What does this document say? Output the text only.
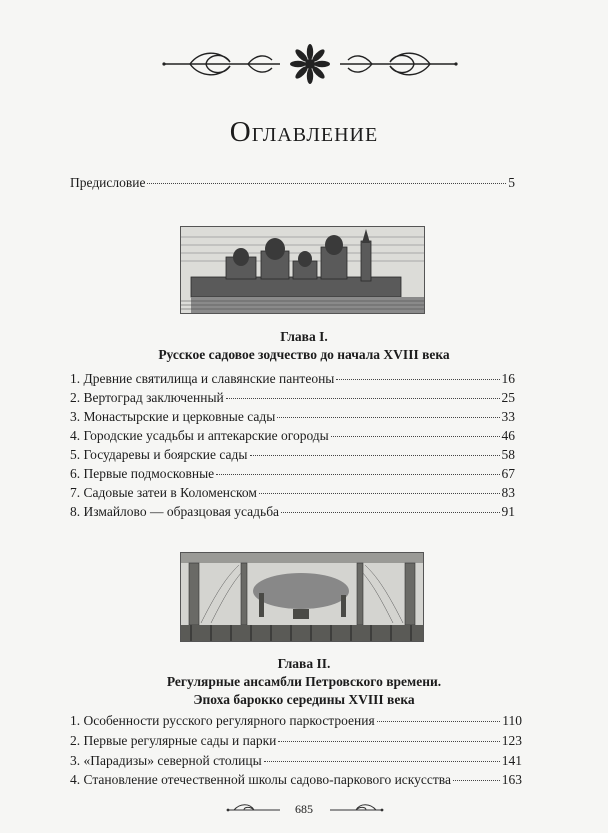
Оглавление
Предисловие	5
Глава I.
Русское садовое зодчество до начала XVIII века
1. Древние святилища и славянские пантеоны	16
2. Вертоград заключенный	25
3. Монастырские и церковные сады	33
4. Городские усадьбы и аптекарские огороды	46
5. Государевы и боярские сады	58
6. Первые подмосковные	67
7. Садовые затеи в Коломенском	83
8. Измайлово — образцовая усадьба	91
Глава II.
Регулярные ансамбли Петровского времени.
Эпоха барокко середины XVIII века
1. Особенности русского регулярного паркостроения	110
2. Первые регулярные сады и парки	123
3. «Парадизы» северной столицы	141
4. Становление отечественной школы садово-паркового искусства	163
685
